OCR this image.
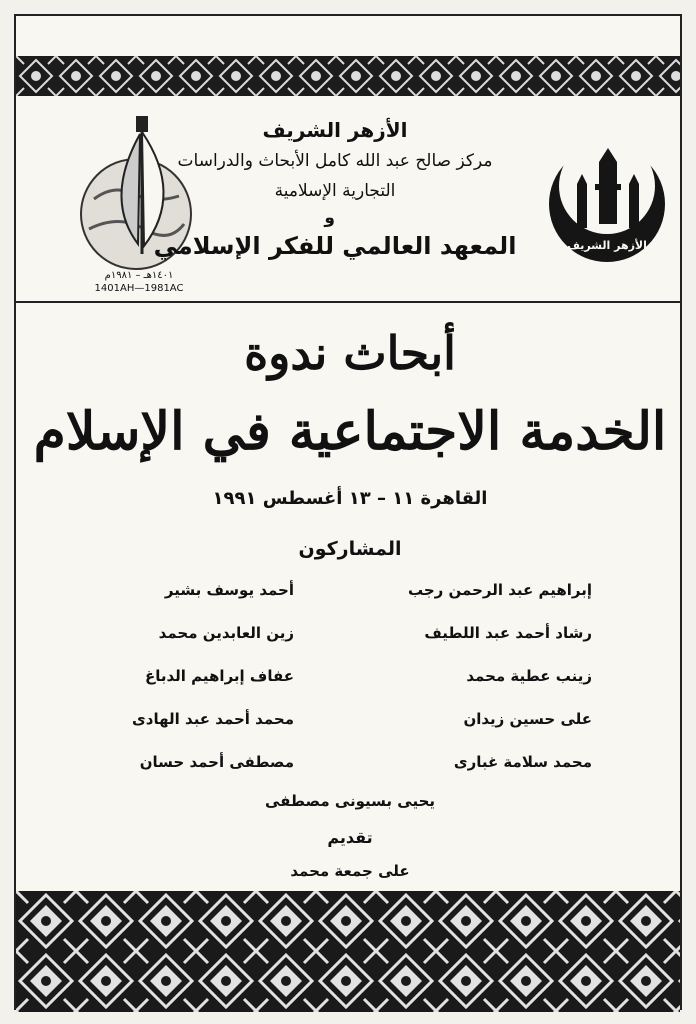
١٤٠١هـ – ١٩٨١م
1401AH—1981AC
الأزهر الشريف
الأزهر الشريف
مركز صالح عبد الله كامل الأبحاث والدراسات
التجارية الإسلامية
و
المعهد العالمي للفكر الإسلامي
أبحاث ندوة
الخدمة الاجتماعية في الإسلام
القاهرة ١١ – ١٣ أغسطس ١٩٩١
المشاركون
إبراهيم عبد الرحمن رجب
رشاد أحمد عبد اللطيف
زينب عطية محمد
على حسين زيدان
محمد سلامة غبارى
أحمد يوسف بشير
زين العابدين محمد
عفاف إبراهيم الدباغ
محمد أحمد عبد الهادى
مصطفى أحمد حسان
يحيى بسيونى مصطفى
تقديم
على جمعة محمد
